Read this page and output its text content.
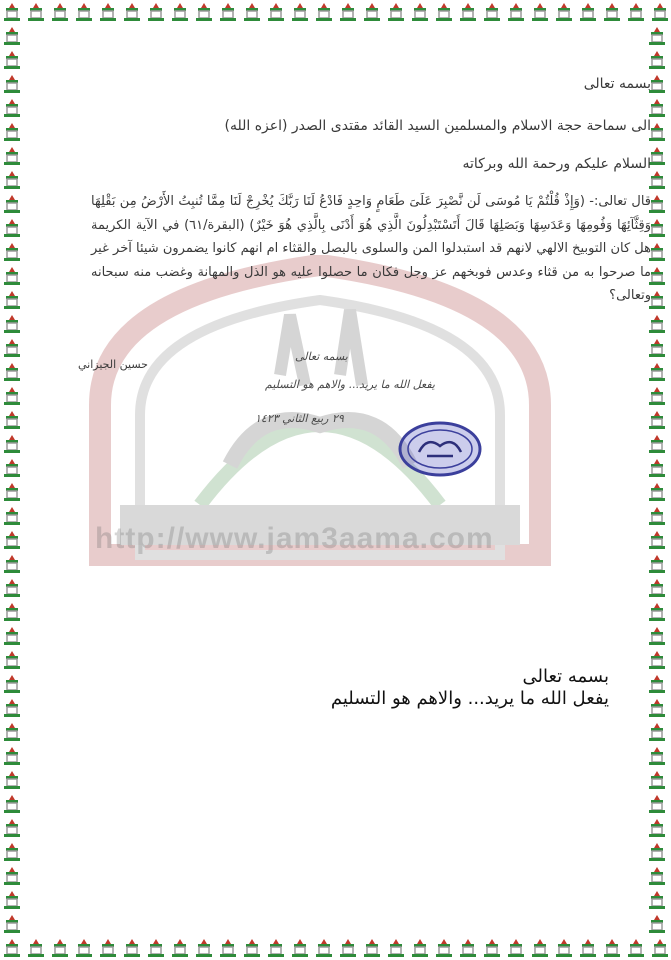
http://www.jam3aama.com
بسمه تعالى
الى سماحة حجة الاسلام والمسلمين السيد القائد مقتدى الصدر (اعزه الله)
السلام عليكم ورحمة الله وبركاته
قال تعالى:- (وَإِذْ قُلْتُمْ يَا مُوسَى لَن نَّصْبِرَ عَلَىَ طَعَامٍ وَاحِدٍ فَادْعُ لَنَا رَبَّكَ يُخْرِجْ لَنَا مِمَّا تُنبِتُ الأَرْضُ مِن بَقْلِهَا وَقِثَّآئِهَا وَفُومِهَا وَعَدَسِهَا وَبَصَلِهَا قَالَ أَتَسْتَبْدِلُونَ الَّذِي هُوَ أَدْنَى بِالَّذِي هُوَ خَيْرٌ) (البقرة/٦١) في الآية الكريمة هل كان التوبيخ الالهي لانهم قد استبدلوا المن والسلوى بالبصل والقثاء ام انهم كانوا يضمرون شيئا آخر غير ما صرحوا به من قثاء وعدس فوبخهم عز وجل فكان ما حصلوا عليه هو الذل والمهانة وغضب منه سبحانه وتعالى؟
حسين الجيزاني
بسمه تعالى
يفعل الله ما يريد... والاهم هو التسليم
٢٩ ربيع الثاني ١٤٢٣
بسمه تعالى
يفعل الله ما يريد... والاهم هو التسليم
